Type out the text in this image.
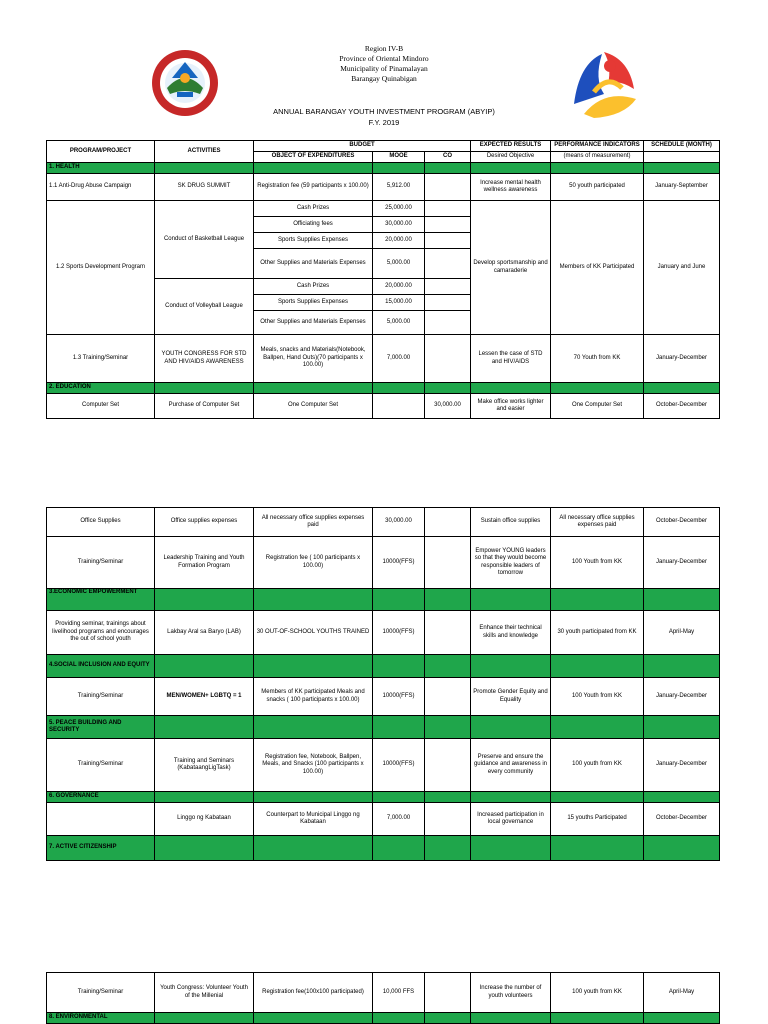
Region IV-B
Province of Oriental Mindoro
Municipality of Pinamalayan
Barangay Quinabigan
ANNUAL BARANGAY YOUTH INVESTMENT PROGRAM (ABYIP)
F.Y. 2019
PROGRAM/PROJECT	ACTIVITIES	BUDGET			EXPECTED RESULTS	PERFORMANCE INDICATORS	SCHEDULE (MONTH)
		OBJECT OF EXPENDITURES	MOOE	CO	Desired Objective	(means of measurement)	
1. HEALTH							
1.1 Anti-Drug Abuse Campaign	SK DRUG SUMMIT	Registration fee (59 participants x 100.00)	5,912.00		Increase mental health wellness awareness	50 youth participated	January-September
1.2 Sports Development Program	Conduct of Basketball League	Cash Prizes	25,000.00		Develop sportsmanship and camaraderie	Members of KK Participated	January and June
		Officiating fees	30,000.00				
		Sports Supplies Expenses	20,000.00				
		Other Supplies and Materials Expenses	5,000.00				
	Conduct of Volleyball League	Cash Prizes	20,000.00				
		Sports Supplies Expenses	15,000.00				
		Other Supplies and Materials Expenses	5,000.00				
1.3 Training/Seminar	YOUTH CONGRESS FOR STD AND HIV/AIDS AWARENESS	Meals, snacks and Materials(Notebook, Ballpen, Hand Outs)(70 participants x 100.00)	7,000.00		Lessen the case of STD and HIV/AIDS	70 Youth from KK	January-December
2. EDUCATION							
Computer Set	Purchase of Computer Set	One Computer Set		30,000.00	Make office works lighter and easier	One Computer Set	October-December
Office Supplies	Office supplies expenses	All necessary office supplies expenses paid	30,000.00		Sustain office supplies	All necessary office supplies expenses paid	October-December
Training/Seminar	Leadership Training and Youth Formation Program	Registration fee ( 100 participants x 100.00)	10000(FFS)		Empower YOUNG leaders so that they would become responsible leaders of tomorrow	100 Youth from KK	January-December
3.ECONOMIC EMPOWERMENT							
Providing seminar, trainings about livelihood programs and encourages the out of school youth	Lakbay Aral sa Baryo (LAB)	30 OUT-OF-SCHOOL YOUTHS TRAINED	10000(FFS)		Enhance their technical skills and knowledge	30 youth participated from KK	April-May
4.SOCIAL INCLUSION AND EQUITY							
Training/Seminar	MEN/WOMEN+ LGBTQ = 1	Members of KK participated Meals and snacks ( 100 participants x 100.00)	10000(FFS)		Promote Gender Equity and Equality	100 Youth from KK	January-December
5. PEACE BUILDING AND SECURITY							
Training/Seminar	Training and Seminars (KabataangLigTask)	Registration fee, Notebook, Ballpen, Meals, and Snacks (100 participants x 100.00)	10000(FFS)		Preserve and ensure the guidance and awareness in every community	100 youth from KK	January-December
6. GOVERNANCE							
	Linggo ng Kabataan	Counterpart to Municipal Linggo ng Kabataan	7,000.00		Increased participation in local governance	15 youths Participated	October-December
7. ACTIVE CITIZENSHIP							
Training/Seminar	Youth Congress: Volunteer Youth of the Millenial	Registration fee(100x100 participated)	10,000 FFS		Increase the number of youth volunteers	100 youth from KK	April-May
8. ENVIRONMENTAL							
